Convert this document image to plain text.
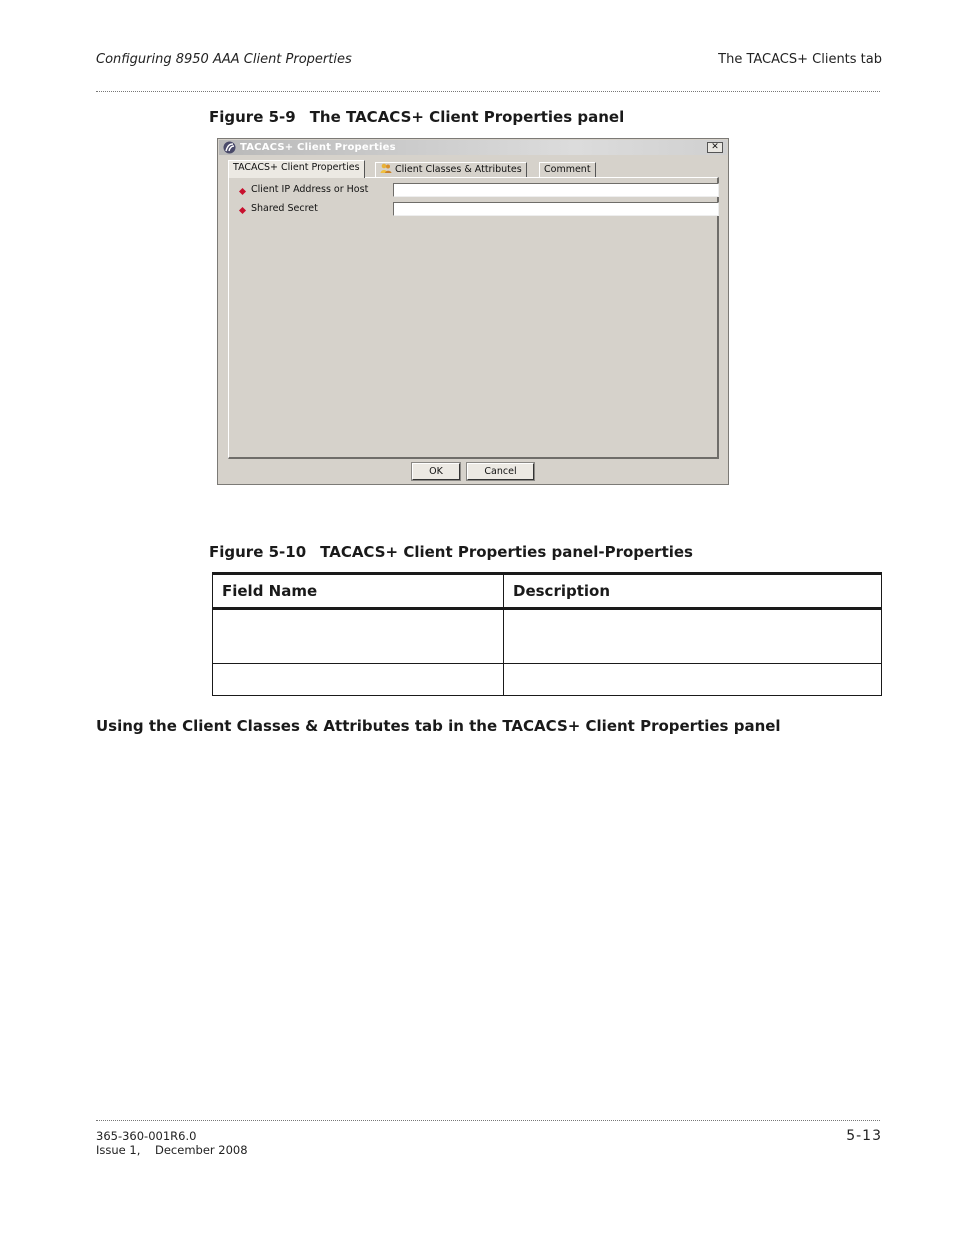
Configuring 8950 AAA Client Properties	The TACACS+ Clients tab
Figure 5-9 The TACACS+ Client Properties panel
TACACS+ Client Properties	✕
TACACS+ Client Properties	Client Classes & Attributes	Comment
Client IP Address or Host
Shared Secret
OK	Cancel
Figure 5-10 TACACS+ Client Properties panel-Properties
Field Name	Description

Using the Client Classes & Attributes tab in the TACACS+ Client Properties panel
365-360-001R6.0
Issue 1,    December 2008
5-13
